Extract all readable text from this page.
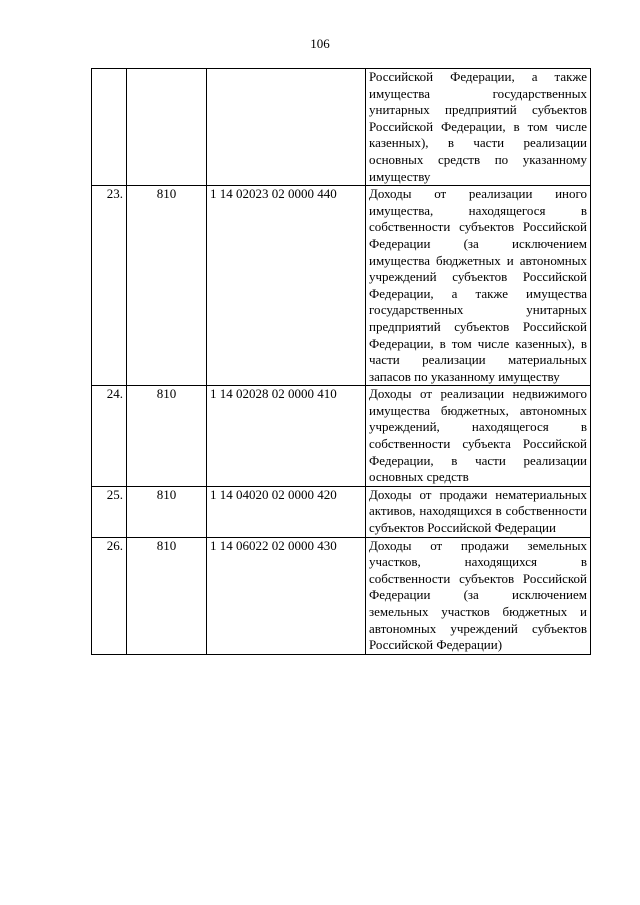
106
			Российской Федерации, а также имущества государственных унитарных предприятий субъектов Российской Федерации, в том числе казенных), в части реализации основных средств по указанному имуществу
23.	810	1 14 02023 02 0000 440	Доходы от реализации иного имущества, находящегося в собственности субъектов Российской Федерации (за исключением имущества бюджетных и автономных учреждений субъектов Российской Федерации, а также имущества государственных унитарных предприятий субъектов Российской Федерации, в том числе казенных), в части реализации материальных запасов по указанному имуществу
24.	810	1 14 02028 02 0000 410	Доходы от реализации недвижимого имущества бюджетных, автономных учреждений, находящегося в собственности субъекта Российской Федерации, в части реализации основных средств
25.	810	1 14 04020 02 0000 420	Доходы от продажи нематериальных активов, находящихся в собственности субъектов Российской Федерации
26.	810	1 14 06022 02 0000 430	Доходы от продажи земельных участков, находящихся в собственности субъектов Российской Федерации (за исключением земельных участков бюджетных и автономных учреждений субъектов Российской Федерации)
